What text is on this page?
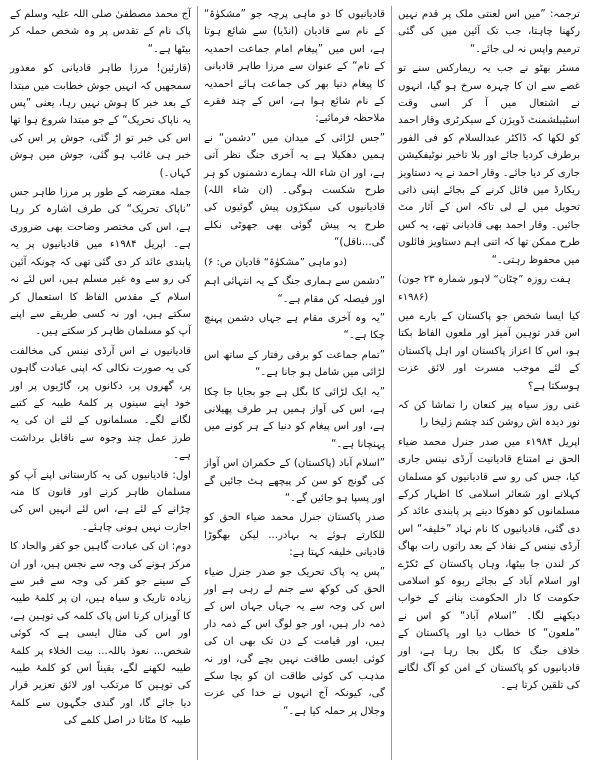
ترجمہ: ”میں اس لعنتی ملک پر قدم نہیں رکھنا چاہتا، جب تک آئین میں کی گئی ترمیم واپس نہ لی جائے۔“

مسٹر بھٹو نے جب یہ ریمارکس سنے تو غصے سے ان کا چہرہ سرخ ہو گیا، انہوں نے اشتعال میں آ کر اسی وقت اسٹیبلشمنٹ ڈویژن کے سیکرٹری وقار احمد کو لکھا کہ ڈاکٹر عبدالسلام کو فی الفور برطرف کردیا جائے اور بلا تاخیر نوٹیفکیشن جاری کر دیا جائے۔ وقار احمد نے یہ دستاویز ریکارڈ میں فائل کرنے کے بجائے اپنی ذاتی تحویل میں لے لی تاکہ اس کے آثار مٹ جائیں۔ وقار احمد بھی قادیانی تھے، یہ کس طرح ممکن تھا کہ اتنی اہم دستاویز فائلوں میں محفوظ رہتی۔“

(ہفت روزہ ”چٹان“ لاہور شمارہ ۲۳ جون ۱۹۸۶ء)

کیا ایسا شخص جو پاکستان کے بارے میں اس قدر توہین آمیز اور ملعون الفاظ بکتا ہو، اس کا اعزاز پاکستان اور اہل پاکستان کے لئے موجب مسرت اور لائق عزت ہوسکتا ہے؟

غنی روز سیاہ پیر کنعان را تماشا کن کہ نور دیدہ اش روشن کند چشم زلیخا را

اپریل ۱۹۸۴ء میں صدر جنرل محمد ضیاء الحق نے امتناع قادیانیت آرڈی نینس جاری کیا، جس کی رو سے قادیانیوں کو مسلمان کہلانے اور شعائر اسلامی کا اظہار کرکے مسلمانوں کو دھوکا دینے پر پابندی عائد کر دی گئی، قادیانیوں کا نام نہاد ”خلیفہ“ اس آرڈی نینس کے نفاذ کے بعد راتوں رات بھاگ کر لندن جا بیٹھا، وہاں پاکستان کے ٹکڑے اور اسلام آباد کے بجائے ربوہ کو اسلامی حکومت کا دار الحکومت بنانے کے خواب دیکھنے لگا۔ ”اسلام آباد“ کو اس نے ”ملعون“ کا خطاب دیا اور پاکستان کے خلاف جنگ کا بگل بجا رہا ہے، اور قادیانیوں کو پاکستان کے امن کو آگ لگانے کی تلقین کرتا ہے۔

قادیانیوں کا دو ماہی پرچہ جو ”مشکوٰۃ“ کے نام سے قادیان (انڈیا) سے شائع ہوتا ہے، اس میں ”پیغام امام جماعت احمدیہ کے نام“ کے عنوان سے مرزا طاہر قادیانی کا پیغام دنیا بھر کی جماعت ہائے احمدیہ کے نام شائع ہوا ہے، اس کے چند فقرے ملاحظہ فرمائیے:

”جس لڑائی کے میدان میں ”دشمن“ نے ہمیں دھکیلا ہے یہ آخری جنگ نظر آتی ہے، اور ان شاء اللہ ہمارے دشمنوں کو ہر طرح شکست ہوگی۔ (ان شاء اللہ) قادیانیوں کی سیکڑوں پیش گوئیوں کی طرح یہ پیش گوئی بھی جھوٹی نکلے گی...ناقل)“

(دو ماہی ”مشکوٰۃ“ قادیان ص: ۶)

”دشمن سے ہماری جنگ کے یہ انتہائی اہم اور فیصلہ کن مقام ہے۔“

”یہ وہ آخری مقام ہے جہاں دشمن پہنچ چکا ہے۔“

”تمام جماعت کو برقی رفتار کے ساتھ اس لڑائی میں شامل ہو جانا ہے۔“

”یہ ایک لڑائی کا بگل ہے جو بجایا جا چکا ہے، اس کی آواز ہمیں ہر طرف پھیلانی ہے، اور اس پیغام کو دنیا کے ہر کونے میں پہنچانا ہے۔“

”اسلام آباد (پاکستان) کے حکمران اس آواز کی گونج کو سن کر پیچھے ہٹ جائیں گے اور پسپا ہو جائیں گے۔“

صدر پاکستان جنرل محمد ضیاء الحق کو للکارتے ہوئے یہ بہادر... لیکن بھگوڑا قادیانی خلیفہ کہتا ہے:

”پس یہ پاک تحریک جو صدر جنرل ضیاء الحق کی کوکھ سے جنم لے رہی ہے اور اس کی وجہ سے یہ جہاں جہاں اس کے ذمہ دار ہیں، اور جو لوگ اس کے ذمہ دار ہیں، اور قیامت کے دن تک بھی ان کی کوئی ایسی طاقت نہیں بچے گی، اور نہ مذہب کی کوئی طاقت ان کو بچا سکے گی، کیونکہ آج انہوں نے خدا کی عزت وجلال پر حملہ کیا ہے۔“

آج محمد مصطفیٰ صلی اللہ علیہ وسلم کے پاک نام کے تقدس پر وہ شخص حملہ کر بیٹھا ہے۔“

(قارئین! مرزا طاہر قادیانی کو معذور سمجھیں کہ انہیں جوش خطابت میں مبتدا کے بعد خبر کا ہوش نہیں رہا، یعنی ”پس یہ ناپاک تحریک“ کے جو مبتدا شروع ہوا تھا اس کی خبر تو اڑ گئی، جوش پر اس کی خبر ہی غائب ہو گئی، جوش میں ہوش کہاں۔)

جملہ معترضہ کے طور پر مرزا طاہر جس ”ناپاک تحریک“ کی طرف اشارہ کر رہا ہے، اس کی مختصر وضاحت بھی ضروری ہے۔ اپریل ۱۹۸۴ء میں قادیانیوں پر یہ پابندی عائد کر دی گئی تھی کہ چونکہ آئین کی رو سے وہ غیر مسلم ہیں، اس لئے نہ اسلام کے مقدس الفاظ کا استعمال کر سکتے ہیں، اور نہ کسی طریقے سے اپنے آپ کو مسلمان ظاہر کر سکتے ہیں۔

قادیانیوں نے اس آرڈی نینس کی مخالفت کی یہ صورت نکالی کہ اپنی عبادت گاہوں پر، گھروں پر، دکانوں پر، گاڑیوں پر اور خود اپنے سینوں پر کلمۂ طیبہ کے کتبے لگانے لگے۔ مسلمانوں کے لئے ان کی یہ طرز عمل چند وجوہ سے ناقابل برداشت ہے۔

اول: قادیانیوں کی یہ کارستانی اپنے آپ کو مسلمان ظاہر کرنے اور قانون کا منہ چڑانے کے لئے ہے، اس لئے انہیں اس کی اجازت نہیں ہونی چاہئے۔

دوم: ان کی عبادت گاہیں جو کفر والحاد کا مرکز ہونے کی وجہ سے نجس ہیں، اور ان کے سینے جو کفر کی وجہ سے قبر سے زیادہ تاریک و سیاہ ہیں، ان پر کلمۂ طیبہ کا آویزاں کرنا اس پاک کلمہ کی توہین ہے، اور اس کی مثال ایسی ہے کہ کوئی شخص... نعوذ باللہ... بیت الخلاء پر کلمۂ طیبہ لکھنے لگے، یقیناً اس کو کلمۂ طیبہ کی توہین کا مرتکب اور لائق تعزیر قرار دیا جائے گا، اور گندی جگہوں سے کلمۂ طیبہ کا مٹانا در اصل کلمے کی
